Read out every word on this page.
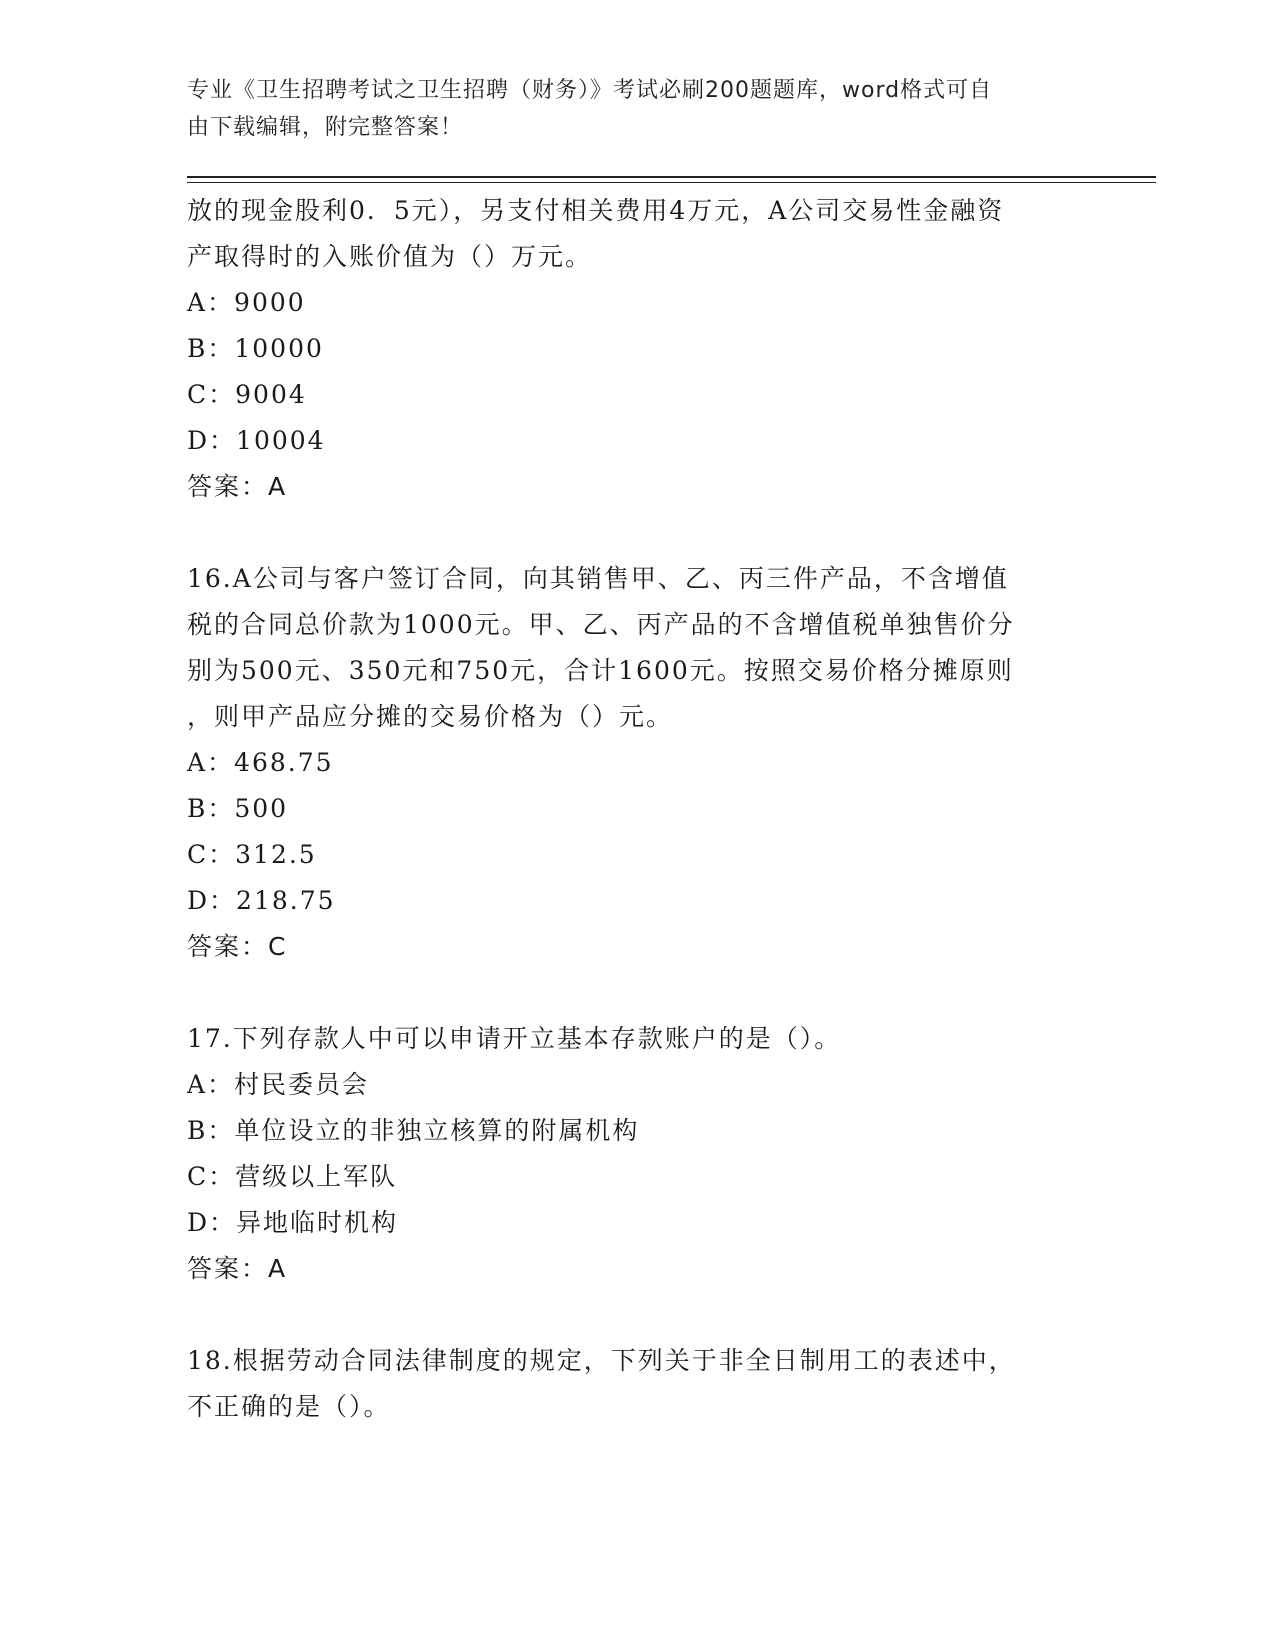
专业《卫生招聘考试之卫生招聘（财务）》考试必刷200题题库，word格式可自
由下载编辑，附完整答案！
放的现金股利0．5元），另支付相关费用4万元，A公司交易性金融资
产取得时的入账价值为（）万元。
A：9000
B：10000
C：9004
D：10004
答案：A
16.A公司与客户签订合同，向其销售甲、乙、丙三件产品，不含增值
税的合同总价款为1000元。甲、乙、丙产品的不含增值税单独售价分
别为500元、350元和750元，合计1600元。按照交易价格分摊原则
，则甲产品应分摊的交易价格为（）元。
A：468.75
B：500
C：312.5
D：218.75
答案：C
17.下列存款人中可以申请开立基本存款账户的是（）。
A：村民委员会
B：单位设立的非独立核算的附属机构
C：营级以上军队
D：异地临时机构
答案：A
18.根据劳动合同法律制度的规定，下列关于非全日制用工的表述中，
不正确的是（）。
